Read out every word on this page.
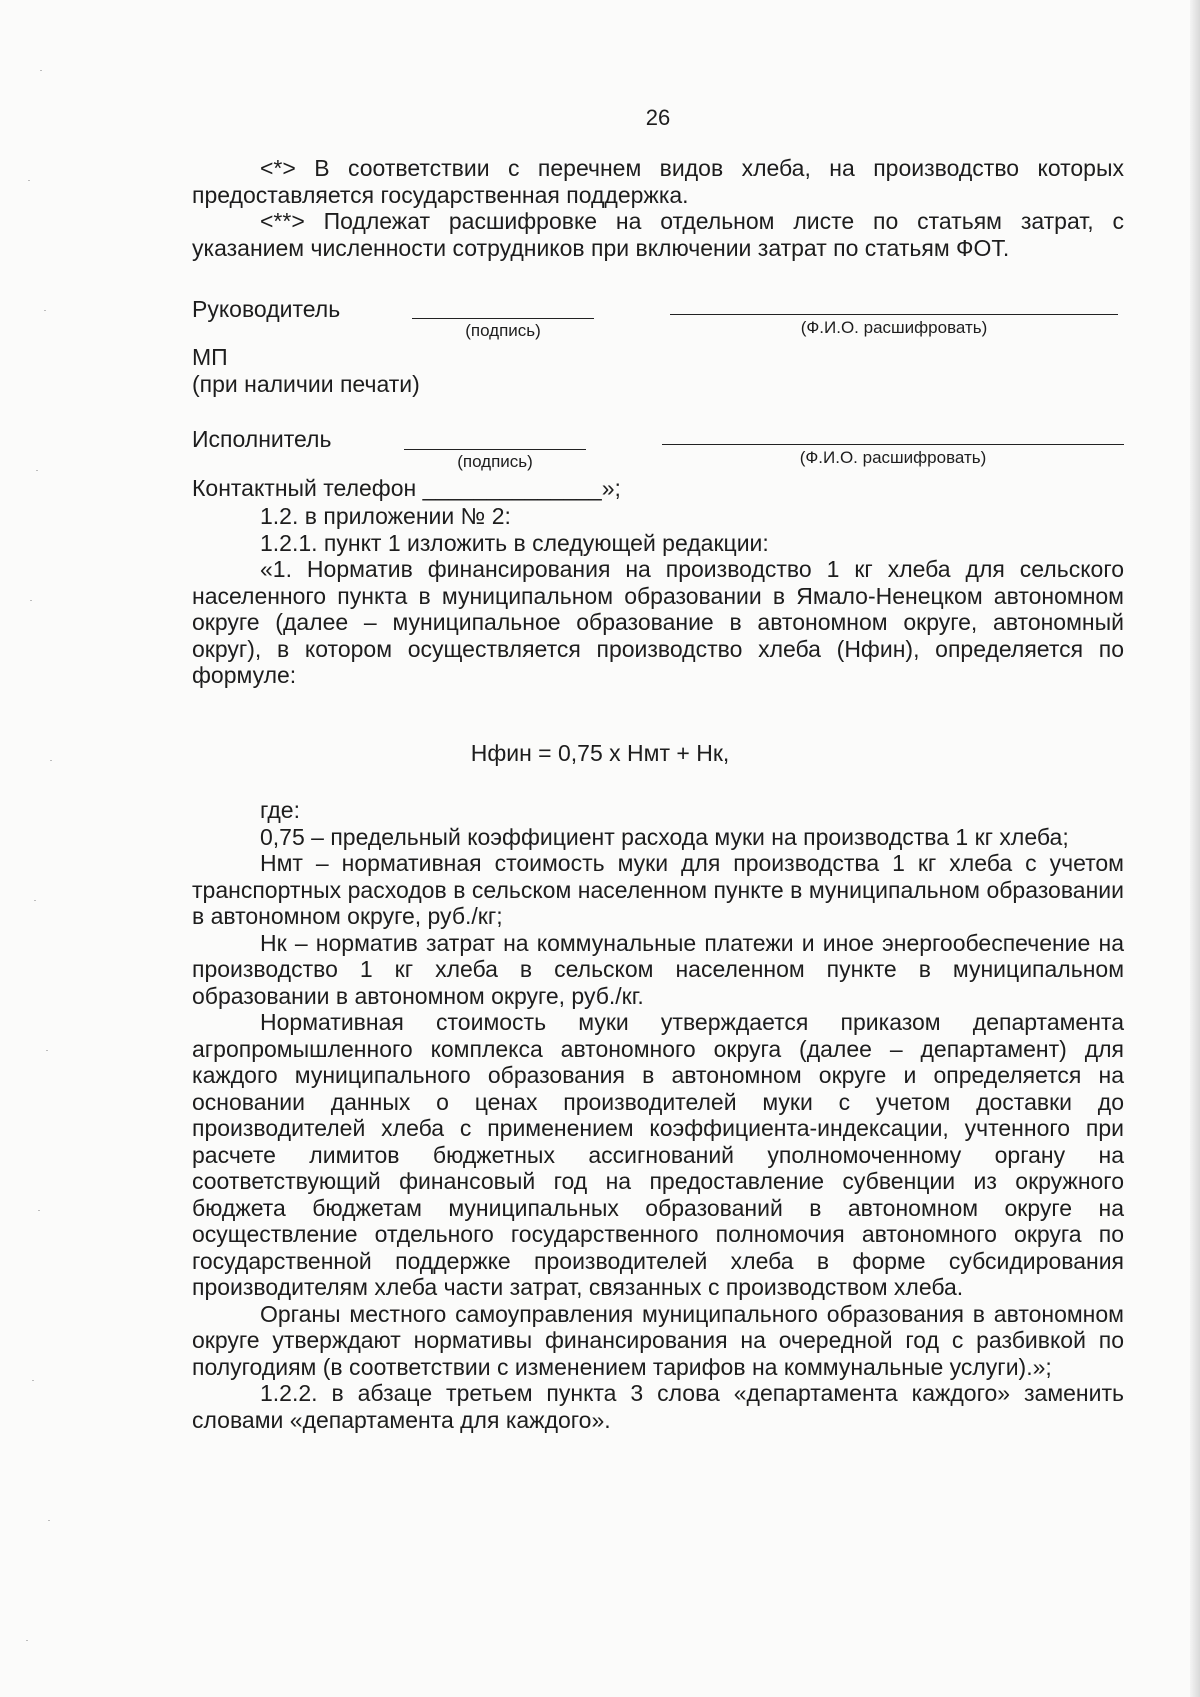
26

<*> В соответствии с перечнем видов хлеба, на производство которых предоставляется государственная поддержка.

<**> Подлежат расшифровке на отдельном листе по статьям затрат, с указанием численности сотрудников при включении затрат по статьям ФОТ.

Руководитель
(подпись)	(Ф.И.О. расшифровать)
МП
(при наличии печати)
Исполнитель
(подпись)	(Ф.И.О. расшифровать)
Контактный телефон ______________»;

1.2. в приложении № 2:

1.2.1. пункт 1 изложить в следующей редакции:

«1. Норматив финансирования на производство 1 кг хлеба для сельского населенного пункта в муниципальном образовании в Ямало-Ненецком автономном округе (далее – муниципальное образование в автономном округе, автономный округ), в котором осуществляется производство хлеба (Нфин), определяется по формуле:

Нфин = 0,75 х Нмт + Нк,

где:

0,75 – предельный коэффициент расхода муки на производства 1 кг хлеба;

Нмт – нормативная стоимость муки для производства 1 кг хлеба с учетом транспортных расходов в сельском населенном пункте в муниципальном образовании в автономном округе, руб./кг;

Нк – норматив затрат на коммунальные платежи и иное энергообеспечение на производство 1 кг хлеба в сельском населенном пункте в муниципальном образовании в автономном округе, руб./кг.

Нормативная стоимость муки утверждается приказом департамента агропромышленного комплекса автономного округа (далее – департамент) для каждого муниципального образования в автономном округе и определяется на основании данных о ценах производителей муки с учетом доставки до производителей хлеба с применением коэффициента-индексации, учтенного при расчете лимитов бюджетных ассигнований уполномоченному органу на соответствующий финансовый год на предоставление субвенции из окружного бюджета бюджетам муниципальных образований в автономном округе на осуществление отдельного государственного полномочия автономного округа по государственной поддержке производителей хлеба в форме субсидирования производителям хлеба части затрат, связанных с производством хлеба.

Органы местного самоуправления муниципального образования в автономном округе утверждают нормативы финансирования на очередной год с разбивкой по полугодиям (в соответствии с изменением тарифов на коммунальные услуги).»;

1.2.2. в абзаце третьем пункта 3 слова «департамента каждого» заменить словами «департамента для каждого».
